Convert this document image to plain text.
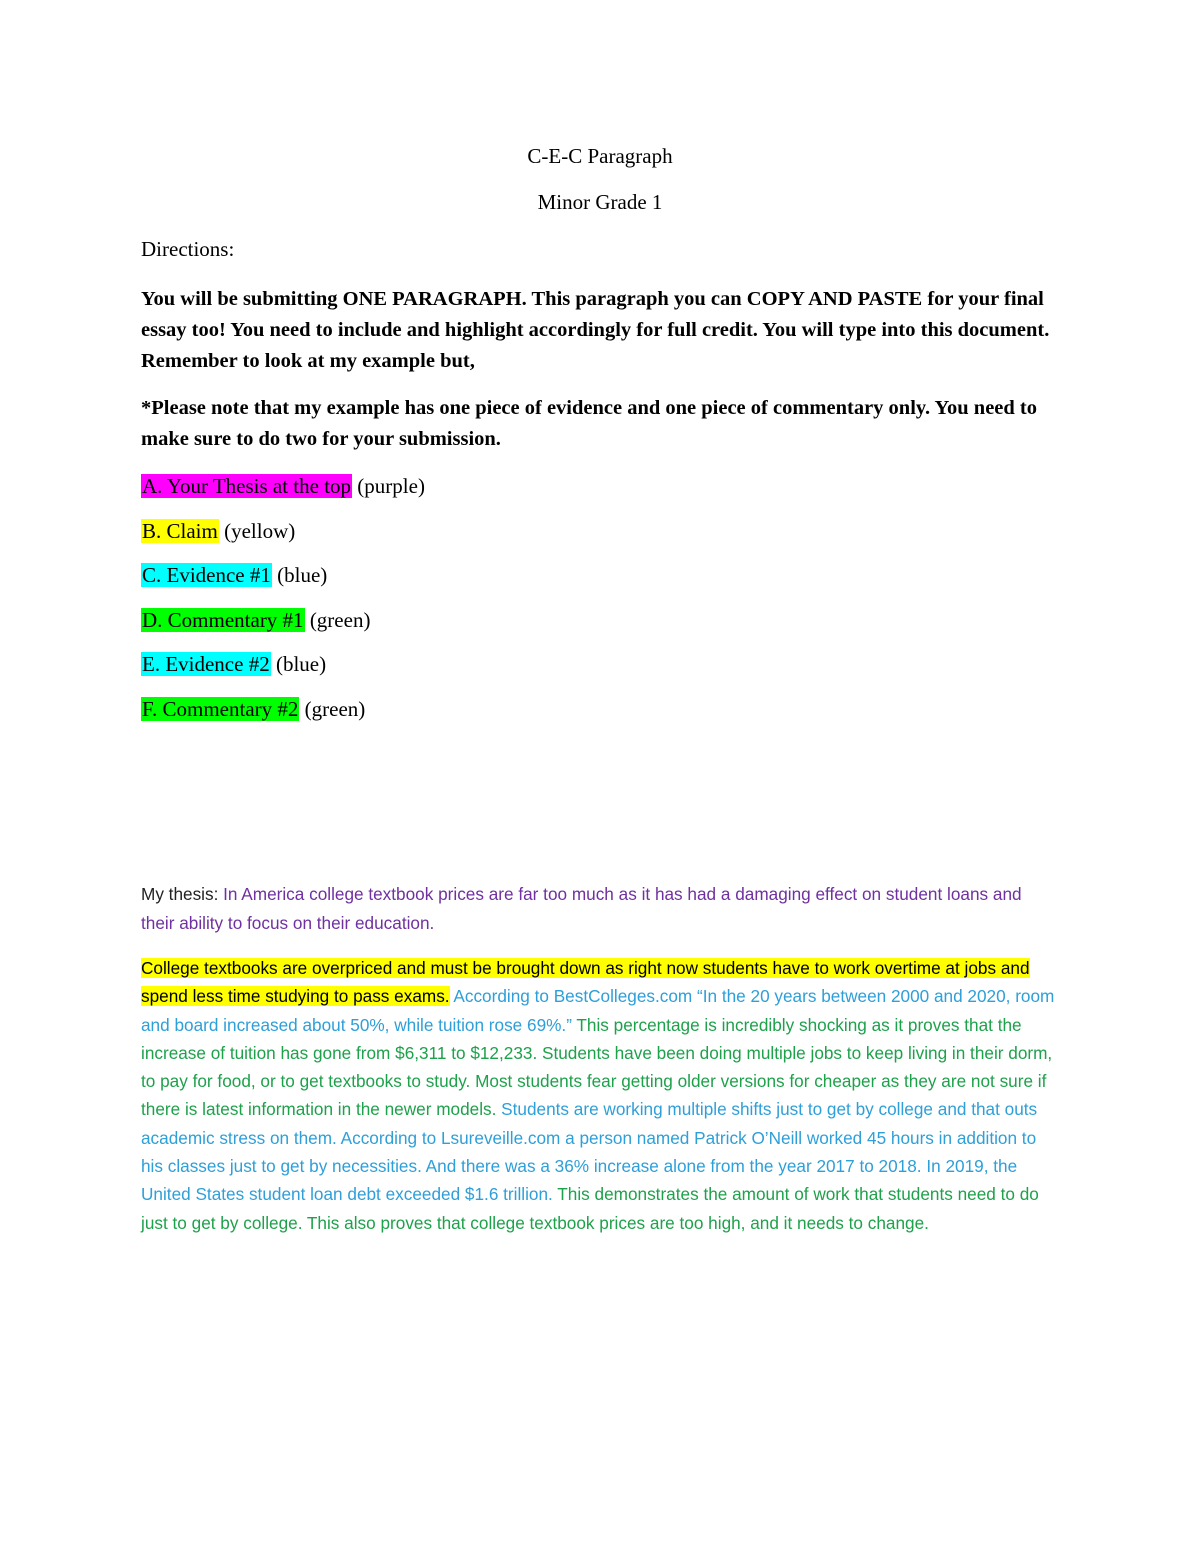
C-E-C Paragraph
Minor Grade 1
Directions:
You will be submitting ONE PARAGRAPH. This paragraph you can COPY AND PASTE for your final essay too! You need to include and highlight accordingly for full credit. You will type into this document. Remember to look at my example but,
*Please note that my example has one piece of evidence and one piece of commentary only. You need to make sure to do two for your submission.
A. Your Thesis at the top (purple)
B. Claim (yellow)
C. Evidence #1 (blue)
D. Commentary #1 (green)
E. Evidence #2 (blue)
F. Commentary #2 (green)
My thesis: In America college textbook prices are far too much as it has had a damaging effect on student loans and their ability to focus on their education.
College textbooks are overpriced and must be brought down as right now students have to work overtime at jobs and spend less time studying to pass exams. According to BestColleges.com “In the 20 years between 2000 and 2020, room and board increased about 50%, while tuition rose 69%.” This percentage is incredibly shocking as it proves that the increase of tuition has gone from $6,311 to $12,233. Students have been doing multiple jobs to keep living in their dorm, to pay for food, or to get textbooks to study. Most students fear getting older versions for cheaper as they are not sure if there is latest information in the newer models. Students are working multiple shifts just to get by college and that outs academic stress on them. According to Lsureveille.com a person named Patrick O’Neill worked 45 hours in addition to his classes just to get by necessities. And there was a 36% increase alone from the year 2017 to 2018. In 2019, the United States student loan debt exceeded $1.6 trillion. This demonstrates the amount of work that students need to do just to get by college. This also proves that college textbook prices are too high, and it needs to change.
